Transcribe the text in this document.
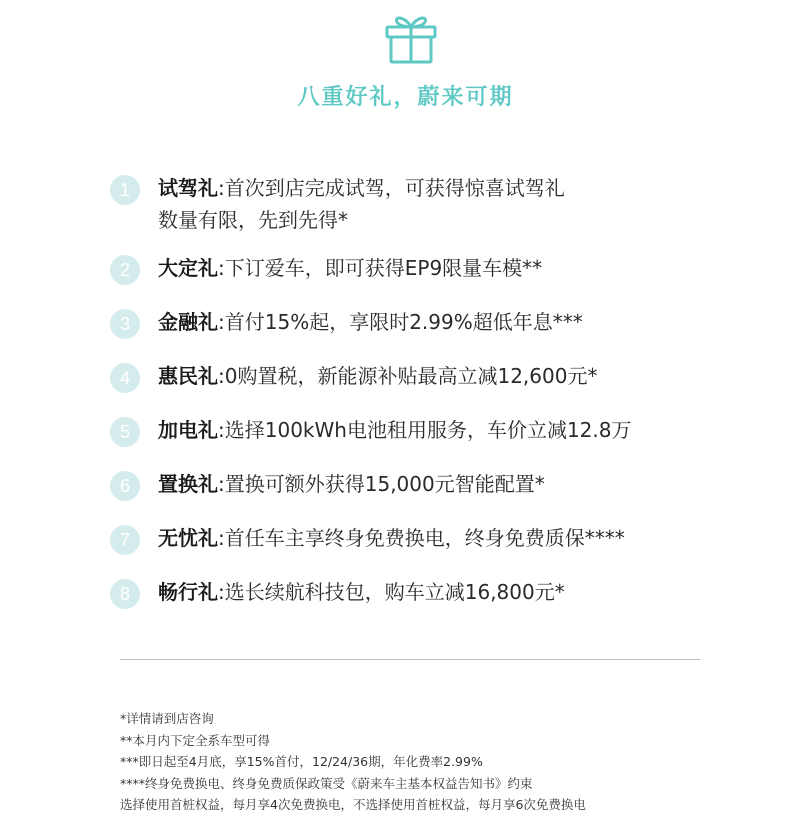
八重好礼，蔚来可期
1	试驾礼:首次到店完成试驾，可获得惊喜试驾礼
数量有限，先到先得*
2	大定礼:下订爱车，即可获得EP9限量车模**
3	金融礼:首付15%起，享限时2.99%超低年息***
4	惠民礼:0购置税，新能源补贴最高立减12,600元*
5	加电礼:选择100kWh电池租用服务，车价立减12.8万
6	置换礼:置换可额外获得15,000元智能配置*
7	无忧礼:首任车主享终身免费换电，终身免费质保****
8	畅行礼:选长续航科技包，购车立减16,800元*
*详情请到店咨询
**本月内下定全系车型可得
***即日起至4月底，享15%首付，12/24/36期，年化费率2.99%
****终身免费换电、终身免费质保政策受《蔚来车主基本权益告知书》约束
选择使用首桩权益，每月享4次免费换电，不选择使用首桩权益，每月享6次免费换电
